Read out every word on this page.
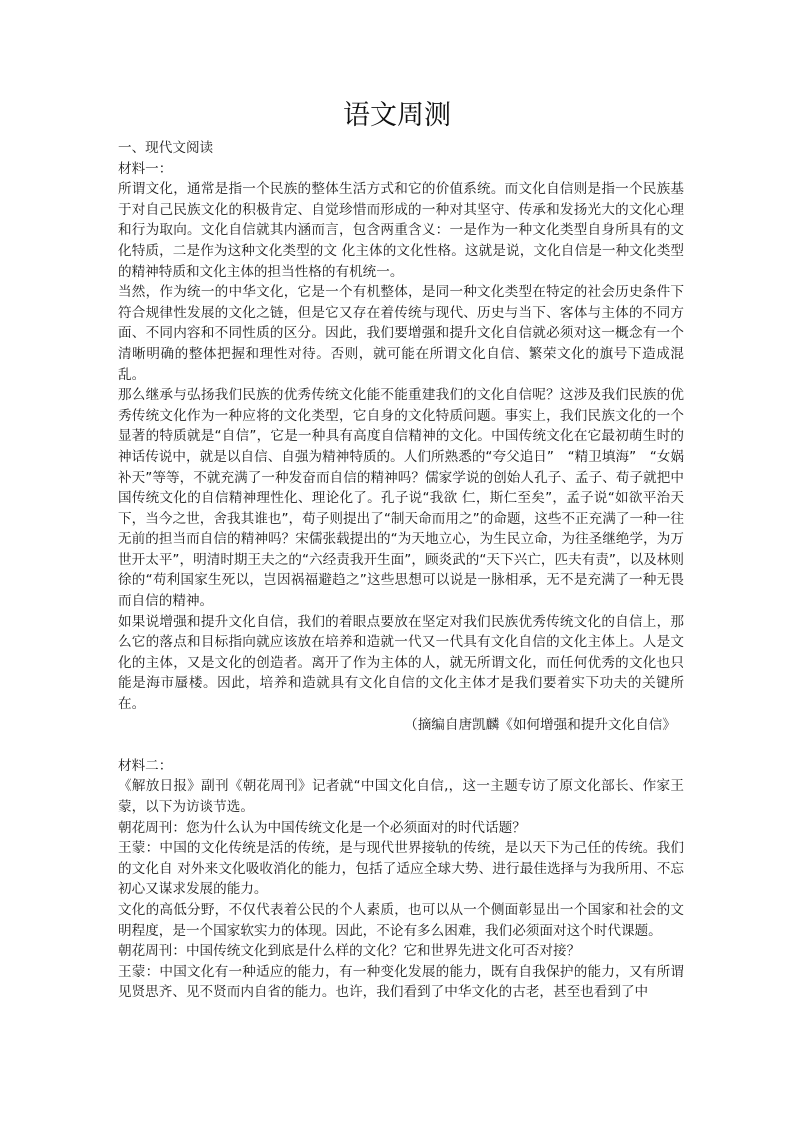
语文周测

一、现代文阅读

材料一：

所谓文化，通常是指一个民族的整体生活方式和它的价值系统。而文化自信则是指一个民族基于对自己民族文化的积极肯定、自觉珍惜而形成的一种对其坚守、传承和发扬光大的文化心理和行为取向。文化自信就其内涵而言，包含两重含义：一是作为一种文化类型自身所具有的文化特质，二是作为这种文化类型的文 化主体的文化性格。这就是说，文化自信是一种文化类型的精神特质和文化主体的担当性格的有机统一。

当然，作为统一的中华文化，它是一个有机整体，是同一种文化类型在特定的社会历史条件下符合规律性发展的文化之链，但是它又存在着传统与现代、历史与当下、客体与主体的不同方面、不同内容和不同性质的区分。因此，我们要增强和提升文化自信就必须对这一概念有一个清晰明确的整体把握和理性对待。否则，就可能在所谓文化自信、繁荣文化的旗号下造成混乱。

那么继承与弘扬我们民族的优秀传统文化能不能重建我们的文化自信呢？这涉及我们民族的优秀传统文化作为一种应将的文化类型，它自身的文化特质问题。事实上，我们民族文化的一个显著的特质就是“自信”，它是一种具有高度自信精神的文化。中国传统文化在它最初萌生时的神话传说中，就是以自信、自强为精神特质的。人们所熟悉的“夸父追日”　“精卫填海”　“女娲补天”等等，不就充满了一种发奋而自信的精神吗？儒家学说的创始人孔子、孟子、荀子就把中国传统文化的自信精神理性化、理论化了。孔子说“我欲 仁，斯仁至矣”，孟子说“如欲平治天下，当今之世，舍我其谁也”，荀子则提出了“制天命而用之”的命题，这些不正充满了一种一往无前的担当而自信的精神吗？宋儒张载提出的“为天地立心，为生民立命，为往圣继绝学，为万世开太平”，明清时期王夫之的“六经责我开生面”，顾炎武的“天下兴亡，匹夫有责”，以及林则徐的“苟利国家生死以，岂因祸福避趋之”这些思想可以说是一脉相承，无不是充满了一种无畏而自信的精神。

如果说增强和提升文化自信，我们的着眼点要放在坚定对我们民族优秀传统文化的自信上，那么它的落点和目标指向就应该放在培养和造就一代又一代具有文化自信的文化主体上。人是文化的主体，又是文化的创造者。离开了作为主体的人，就无所谓文化，而任何优秀的文化也只能是海市蜃楼。因此，培养和造就具有文化自信的文化主体才是我们要着实下功夫的关键所在。

（摘编自唐凯麟《如何增强和提升文化自信》

材料二：

《解放日报》副刊《朝花周刊》记者就“中国文化自信,，这一主题专访了原文化部长、作家王蒙，以下为访谈节选。

朝花周刊：您为什么认为中国传统文化是一个必须面对的时代话题？

王蒙：中国的文化传统是活的传统，是与现代世界接轨的传统，是以天下为己任的传统。我们的文化自 对外来文化吸收消化的能力，包括了适应全球大势、进行最佳选择与为我所用、不忘初心又谋求发展的能力。

文化的高低分野，不仅代表着公民的个人素质，也可以从一个侧面彰显出一个国家和社会的文明程度，是一个国家软实力的体现。因此，不论有多么困难，我们必须面对这个时代课题。

朝花周刊：中国传统文化到底是什么样的文化？它和世界先进文化可否对接？

王蒙：中国文化有一种适应的能力，有一种变化发展的能力，既有自我保护的能力，又有所谓见贤思齐、见不贤而内自省的能力。也许，我们看到了中华文化的古老，甚至也看到了中
